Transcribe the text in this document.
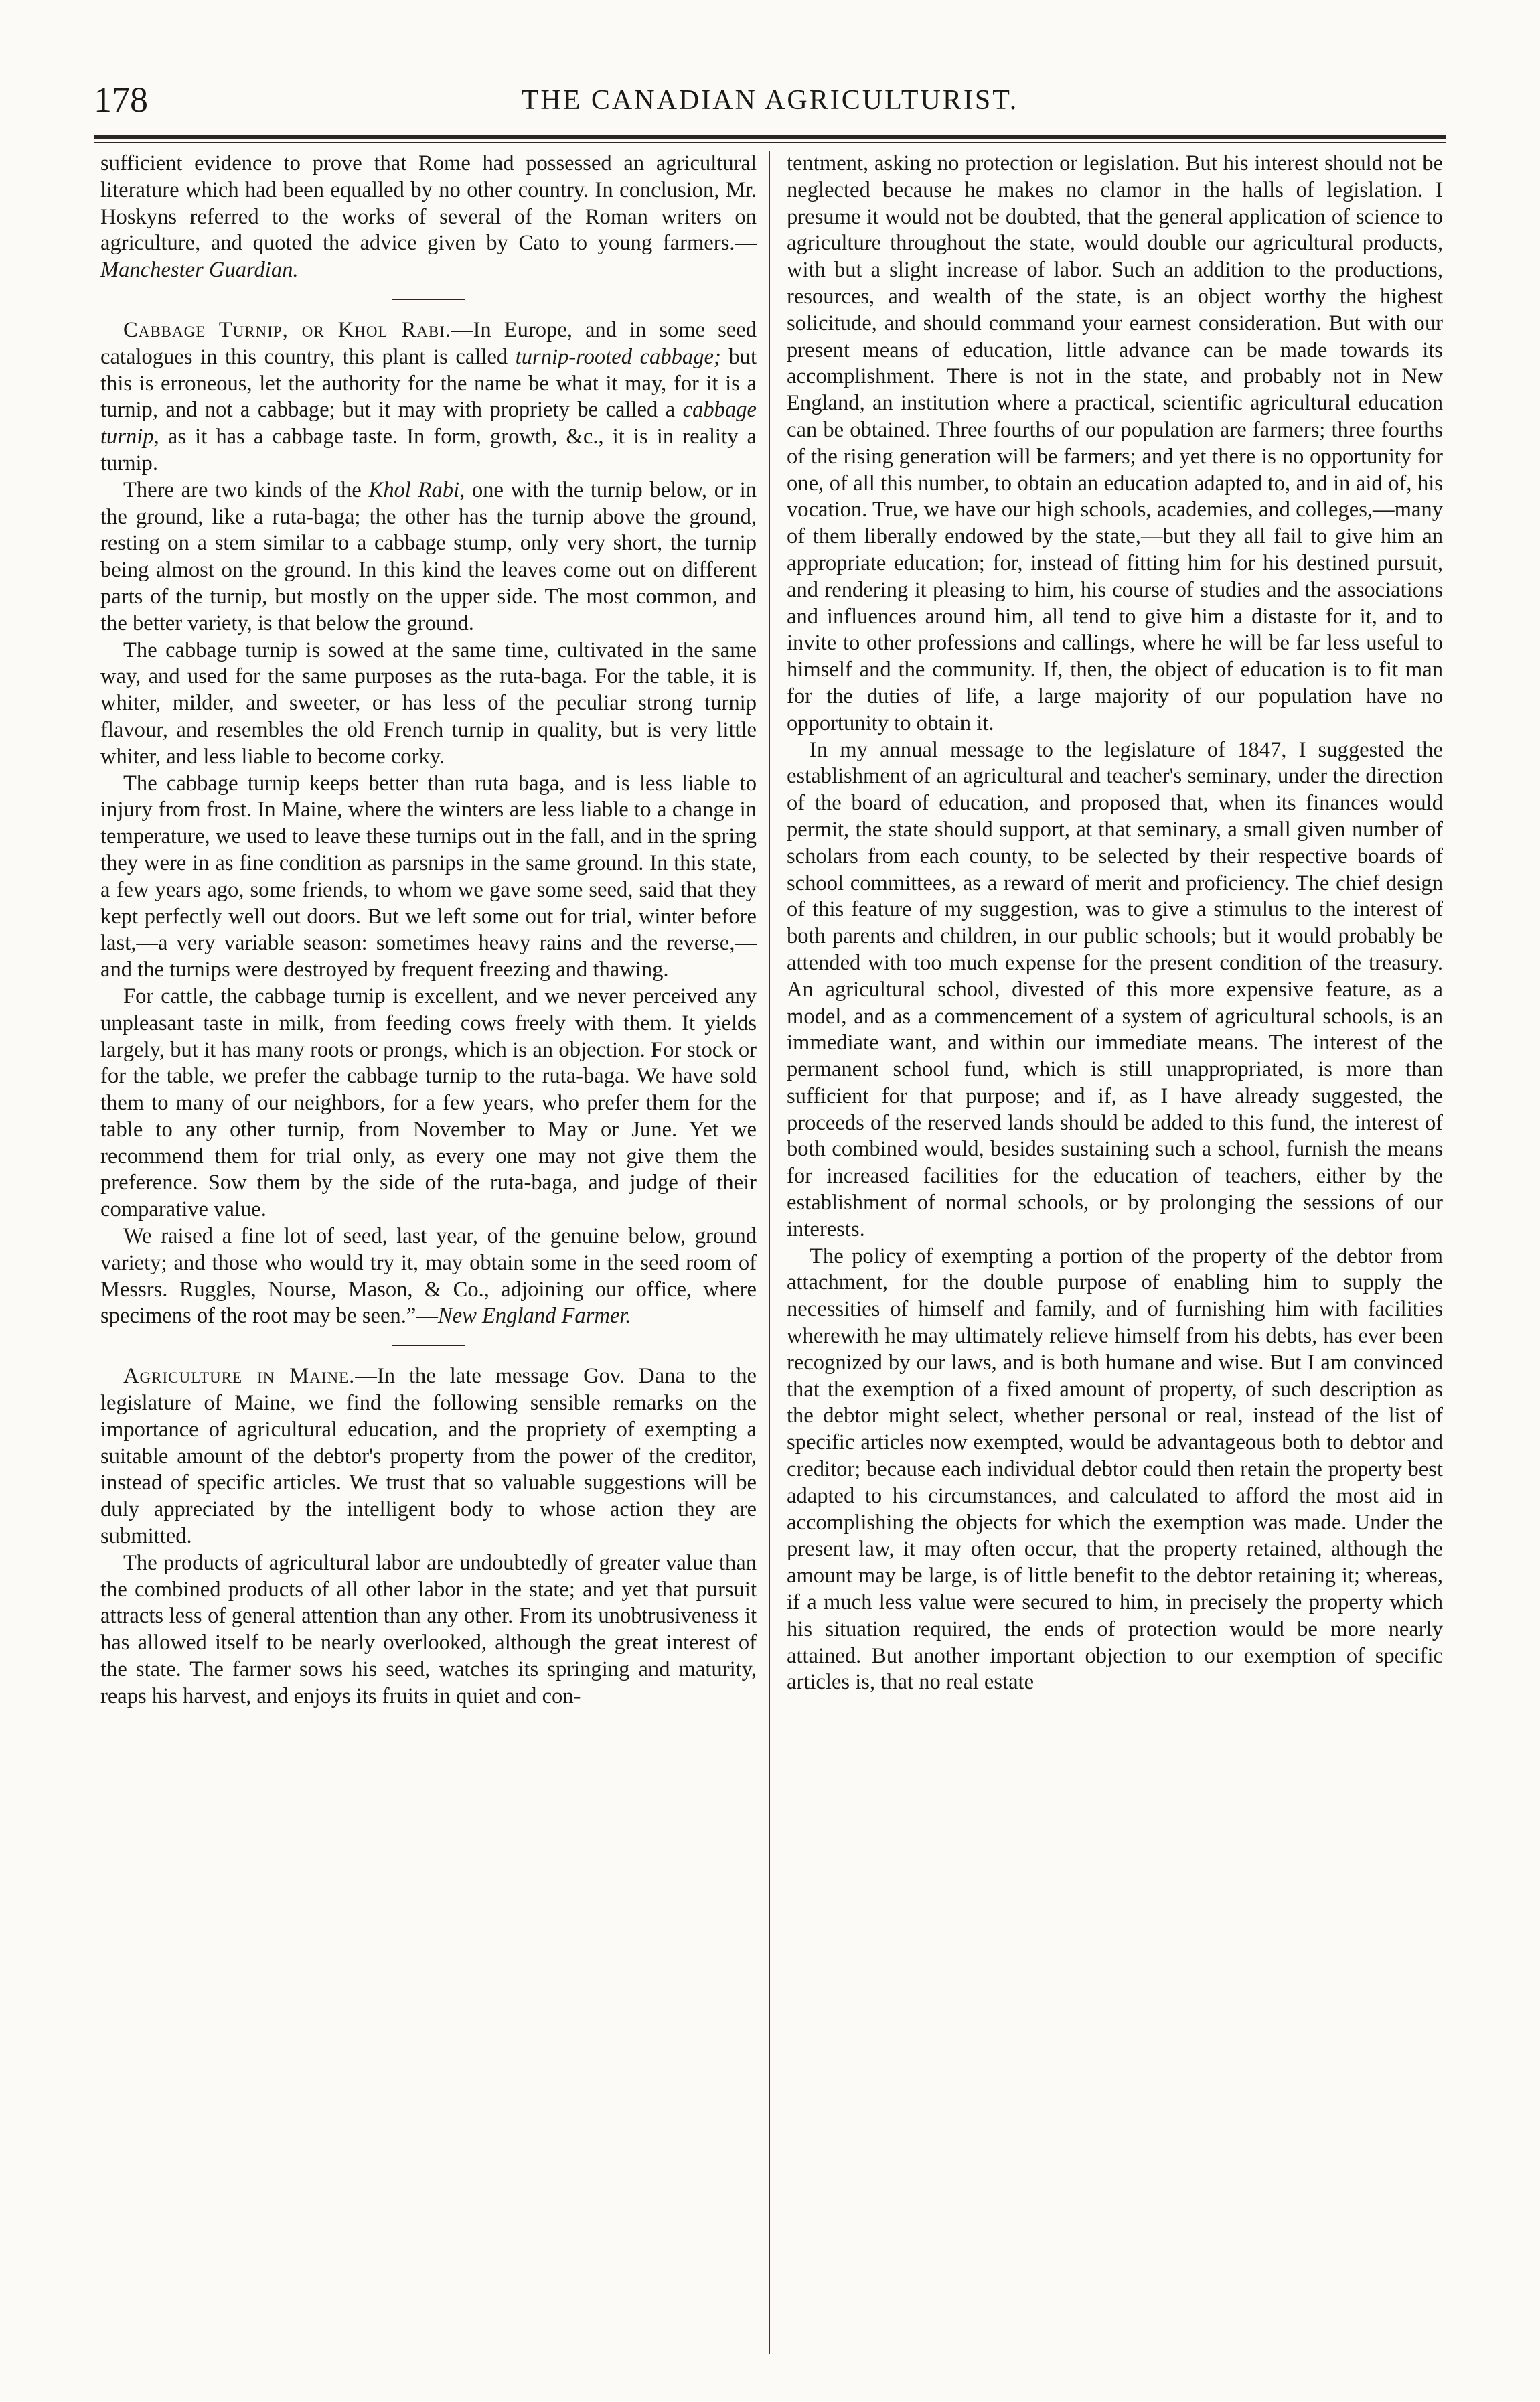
178	THE CANADIAN AGRICULTURIST.

sufficient evidence to prove that Rome had possessed an agricultural literature which had been equalled by no other country. In conclusion, Mr. Hoskyns referred to the works of several of the Roman writers on agriculture, and quoted the advice given by Cato to young farmers.—Manchester Guardian.

Cabbage Turnip, or Khol Rabi.—In Europe, and in some seed catalogues in this country, this plant is called turnip-rooted cabbage; but this is erroneous, let the authority for the name be what it may, for it is a turnip, and not a cabbage; but it may with propriety be called a cabbage turnip, as it has a cabbage taste. In form, growth, &c., it is in reality a turnip.

There are two kinds of the Khol Rabi, one with the turnip below, or in the ground, like a ruta-baga; the other has the turnip above the ground, resting on a stem similar to a cabbage stump, only very short, the turnip being almost on the ground. In this kind the leaves come out on different parts of the turnip, but mostly on the upper side. The most common, and the better variety, is that below the ground.

The cabbage turnip is sowed at the same time, cultivated in the same way, and used for the same purposes as the ruta-baga. For the table, it is whiter, milder, and sweeter, or has less of the peculiar strong turnip flavour, and resembles the old French turnip in quality, but is very little whiter, and less liable to become corky.

The cabbage turnip keeps better than ruta baga, and is less liable to injury from frost. In Maine, where the winters are less liable to a change in temperature, we used to leave these turnips out in the fall, and in the spring they were in as fine condition as parsnips in the same ground. In this state, a few years ago, some friends, to whom we gave some seed, said that they kept perfectly well out doors. But we left some out for trial, winter before last,—a very variable season: sometimes heavy rains and the reverse,—and the turnips were destroyed by frequent freezing and thawing.

For cattle, the cabbage turnip is excellent, and we never perceived any unpleasant taste in milk, from feeding cows freely with them. It yields largely, but it has many roots or prongs, which is an objection. For stock or for the table, we prefer the cabbage turnip to the ruta-baga. We have sold them to many of our neighbors, for a few years, who prefer them for the table to any other turnip, from November to May or June. Yet we recommend them for trial only, as every one may not give them the preference. Sow them by the side of the ruta-baga, and judge of their comparative value.

We raised a fine lot of seed, last year, of the genuine below, ground variety; and those who would try it, may obtain some in the seed room of Messrs. Ruggles, Nourse, Mason, & Co., adjoining our office, where specimens of the root may be seen.”—New England Farmer.

Agriculture in Maine.—In the late message Gov. Dana to the legislature of Maine, we find the following sensible remarks on the importance of agricultural education, and the propriety of exempting a suitable amount of the debtor's property from the power of the creditor, instead of specific articles. We trust that so valuable suggestions will be duly appreciated by the intelligent body to whose action they are submitted.

The products of agricultural labor are undoubtedly of greater value than the combined products of all other labor in the state; and yet that pursuit attracts less of general attention than any other. From its unobtrusiveness it has allowed itself to be nearly overlooked, although the great interest of the state. The farmer sows his seed, watches its springing and maturity, reaps his harvest, and enjoys its fruits in quiet and con-

tentment, asking no protection or legislation. But his interest should not be neglected because he makes no clamor in the halls of legislation. I presume it would not be doubted, that the general application of science to agriculture throughout the state, would double our agricultural products, with but a slight increase of labor. Such an addition to the productions, resources, and wealth of the state, is an object worthy the highest solicitude, and should command your earnest consideration. But with our present means of education, little advance can be made towards its accomplishment. There is not in the state, and probably not in New England, an institution where a practical, scientific agricultural education can be obtained. Three fourths of our population are farmers; three fourths of the rising generation will be farmers; and yet there is no opportunity for one, of all this number, to obtain an education adapted to, and in aid of, his vocation. True, we have our high schools, academies, and colleges,—many of them liberally endowed by the state,—but they all fail to give him an appropriate education; for, instead of fitting him for his destined pursuit, and rendering it pleasing to him, his course of studies and the associations and influences around him, all tend to give him a distaste for it, and to invite to other professions and callings, where he will be far less useful to himself and the community. If, then, the object of education is to fit man for the duties of life, a large majority of our population have no opportunity to obtain it.

In my annual message to the legislature of 1847, I suggested the establishment of an agricultural and teacher's seminary, under the direction of the board of education, and proposed that, when its finances would permit, the state should support, at that seminary, a small given number of scholars from each county, to be selected by their respective boards of school committees, as a reward of merit and proficiency. The chief design of this feature of my suggestion, was to give a stimulus to the interest of both parents and children, in our public schools; but it would probably be attended with too much expense for the present condition of the treasury. An agricultural school, divested of this more expensive feature, as a model, and as a commencement of a system of agricultural schools, is an immediate want, and within our immediate means. The interest of the permanent school fund, which is still unappropriated, is more than sufficient for that purpose; and if, as I have already suggested, the proceeds of the reserved lands should be added to this fund, the interest of both combined would, besides sustaining such a school, furnish the means for increased facilities for the education of teachers, either by the establishment of normal schools, or by prolonging the sessions of our interests.

The policy of exempting a portion of the property of the debtor from attachment, for the double purpose of enabling him to supply the necessities of himself and family, and of furnishing him with facilities wherewith he may ultimately relieve himself from his debts, has ever been recognized by our laws, and is both humane and wise. But I am convinced that the exemption of a fixed amount of property, of such description as the debtor might select, whether personal or real, instead of the list of specific articles now exempted, would be advantageous both to debtor and creditor; because each individual debtor could then retain the property best adapted to his circumstances, and calculated to afford the most aid in accomplishing the objects for which the exemption was made. Under the present law, it may often occur, that the property retained, although the amount may be large, is of little benefit to the debtor retaining it; whereas, if a much less value were secured to him, in precisely the property which his situation required, the ends of protection would be more nearly attained. But another important objection to our exemption of specific articles is, that no real estate
